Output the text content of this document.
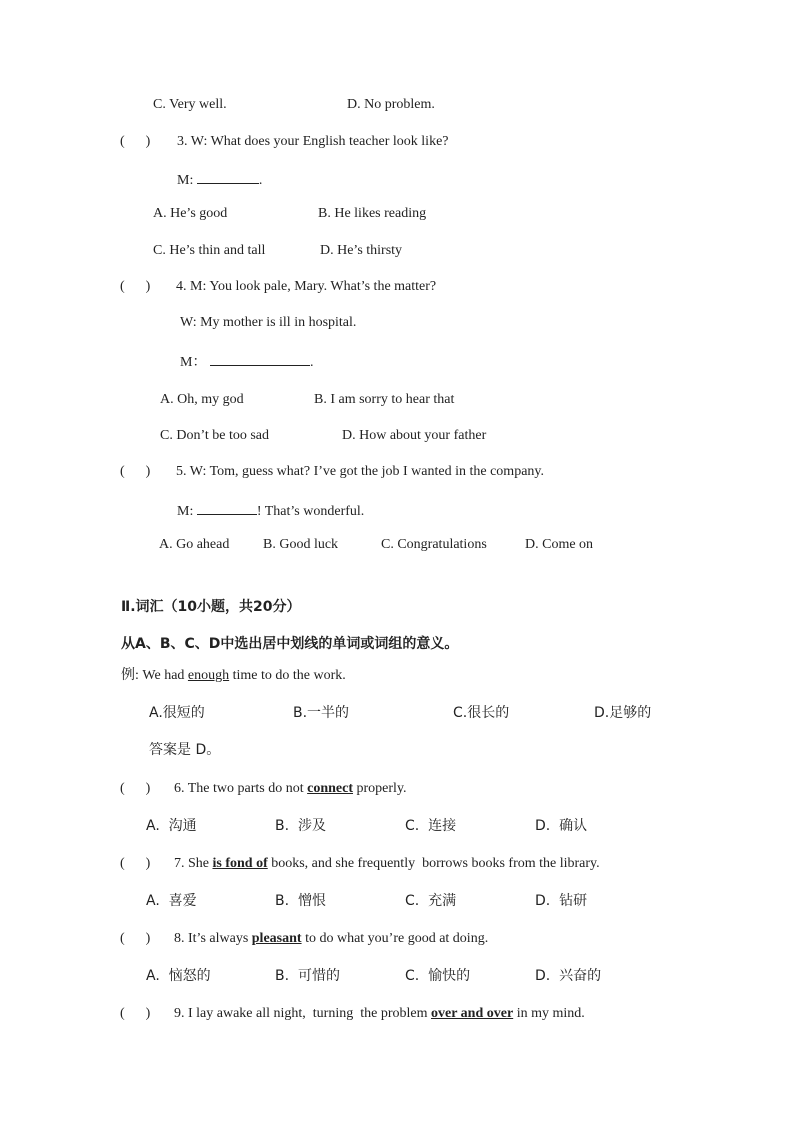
C. Very well.	D. No problem.
(      ) 3. W: What does your English teacher look like?
M:	.
A. He’s good	B. He likes reading
C. He’s thin and tall	D. He’s thirsty
(      ) 4. M: You look pale, Mary. What’s the matter?
W: My mother is ill in hospital.
M：	.
A. Oh, my god	B. I am sorry to hear that
C. Don’t be too sad	D. How about your father
(      ) 5. W: Tom, guess what? I’ve got the job I wanted in the company.
M:	! That’s wonderful.
A. Go ahead B. Good luck	C. Congratulations	D. Come on
Ⅱ.词汇（10小题，共20分）
从A、B、C、D中选出居中划线的单词或词组的意义。
例: We had enough time to do the work.
A.很短的	B.一半的	C.很长的	D.足够的
答案是 D。
(      ) 6. The two parts do not connect properly.
A.  沟通	B.  涉及	C.  连接	D.  确认
(      ) 7. She is fond of books, and she frequently  borrows books from the library.
A.  喜爱	B.  憎恨	C.  充满	D.  钻研
(      ) 8. It’s always pleasant to do what you’re good at doing.
A.  恼怒的	B.  可惜的	C.  愉快的	D.  兴奋的
(      ) 9. I lay awake all night,  turning  the problem over and over in my mind.
